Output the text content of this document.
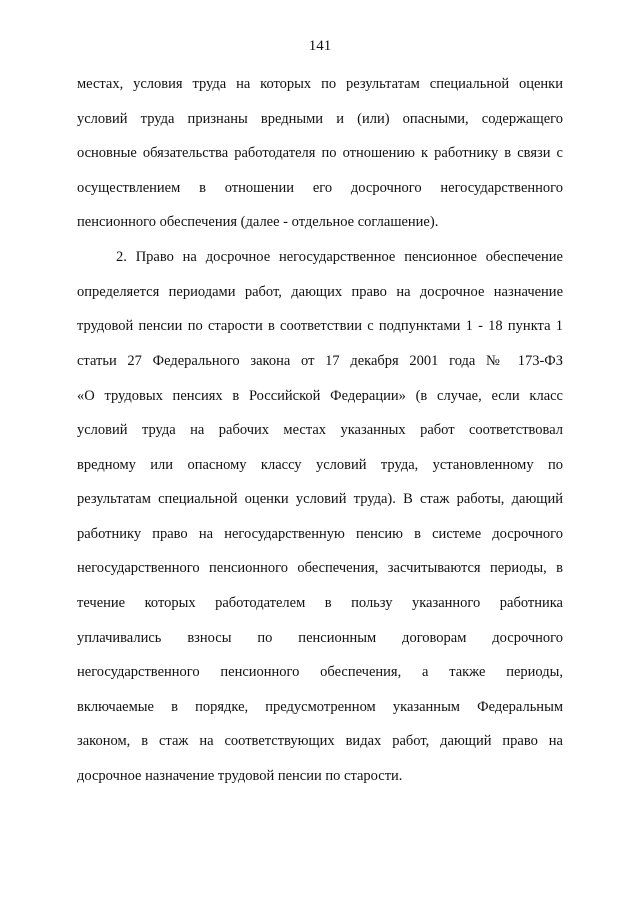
141
местах, условия труда на которых по результатам специальной оценки
условий труда признаны вредными и (или) опасными, содержащего
основные обязательства работодателя по отношению к работнику в связи с
осуществлением в отношении его досрочного негосударственного
пенсионного обеспечения (далее - отдельное соглашение).
2. Право на досрочное негосударственное пенсионное обеспечение
определяется периодами работ, дающих право на досрочное назначение
трудовой пенсии по старости в соответствии с подпунктами 1 - 18 пункта 1
статьи 27 Федерального закона от 17 декабря 2001 года № 173-ФЗ
«О трудовых пенсиях в Российской Федерации» (в случае, если класс
условий труда на рабочих местах указанных работ соответствовал
вредному или опасному классу условий труда, установленному по
результатам специальной оценки условий труда). В стаж работы, дающий
работнику право на негосударственную пенсию в системе досрочного
негосударственного пенсионного обеспечения, засчитываются периоды, в
течение которых работодателем в пользу указанного работника
уплачивались взносы по пенсионным договорам досрочного
негосударственного пенсионного обеспечения, а также периоды,
включаемые в порядке, предусмотренном указанным Федеральным
законом, в стаж на соответствующих видах работ, дающий право на
досрочное назначение трудовой пенсии по старости.
